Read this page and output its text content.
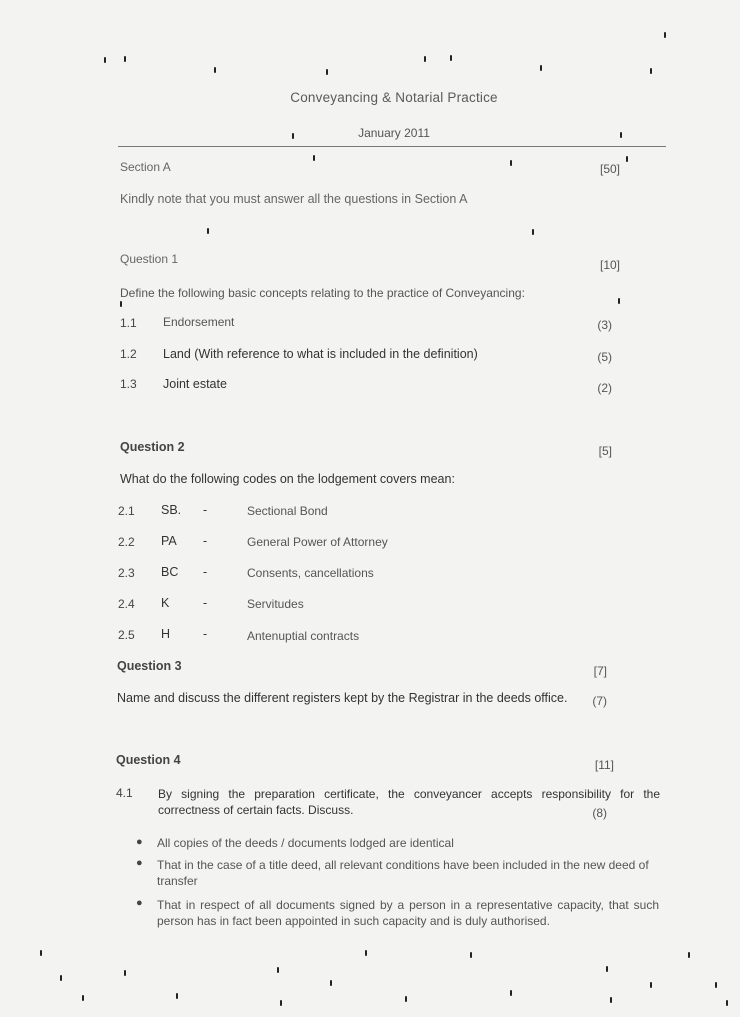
Conveyancing & Notarial Practice
January 2011
Section A	[50]
Kindly note that you must answer all the questions in Section A
Question 1	[10]
Define the following basic concepts relating to the practice of Conveyancing:
1.1 Endorsement	(3)
1.2 Land (With reference to what is included in the definition)	(5)
1.3 Joint estate	(2)
Question 2	[5]
What do the following codes on the lodgement covers mean:
2.1 SB. -	Sectional Bond
2.2 PA -	General Power of Attorney
2.3 BC -	Consents, cancellations
2.4 K	-	Servitudes
2.5 H	-	Antenuptial contracts
Question 3	[7]
Name and discuss the different registers kept by the Registrar in the deeds office.	(7)
Question 4	[11]
4.1 By signing the preparation certificate, the conveyancer accepts responsibility for the correctness of certain facts. Discuss.	(8)
● All copies of the deeds / documents lodged are identical
● That in the case of a title deed, all relevant conditions have been included in the new deed of transfer
● That in respect of all documents signed by a person in a representative capacity, that such person has in fact been appointed in such capacity and is duly authorised.
